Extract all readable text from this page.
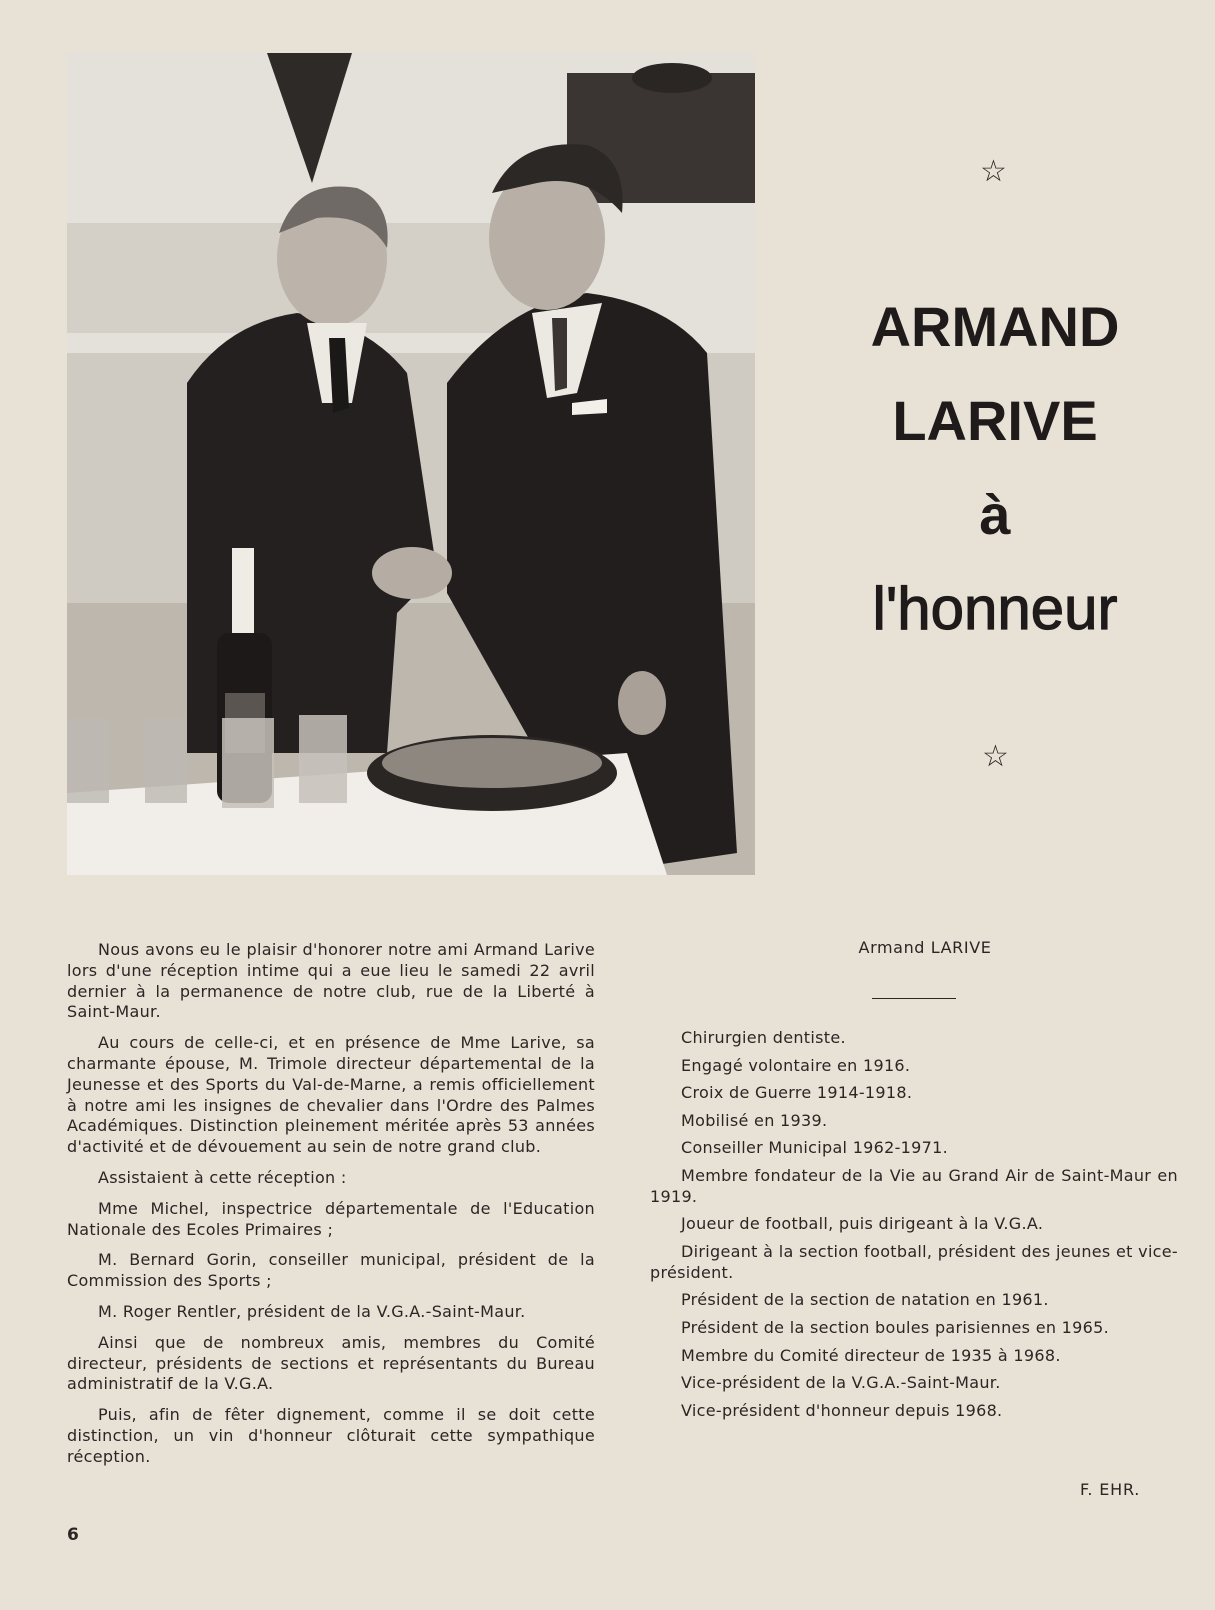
☆
ARMAND
LARIVE
à
l'honneur
☆

Nous avons eu le plaisir d'honorer notre ami Armand Larive lors d'une réception intime qui a eue lieu le samedi 22 avril dernier à la permanence de notre club, rue de la Liberté à Saint-Maur.

Au cours de celle-ci, et en présence de Mme Larive, sa charmante épouse, M. Trimole directeur départemental de la Jeunesse et des Sports du Val-de-Marne, a remis officiellement à notre ami les insignes de chevalier dans l'Ordre des Palmes Académiques. Distinction pleinement méritée après 53 années d'activité et de dévouement au sein de notre grand club.

Assistaient à cette réception :

Mme Michel, inspectrice départementale de l'Education Nationale des Ecoles Primaires ;

M. Bernard Gorin, conseiller municipal, président de la Commission des Sports ;

M. Roger Rentler, président de la V.G.A.-Saint-Maur.

Ainsi que de nombreux amis, membres du Comité directeur, présidents de sections et représentants du Bureau administratif de la V.G.A.

Puis, afin de fêter dignement, comme il se doit cette distinction, un vin d'honneur clôturait cette sympathique réception.

Armand LARIVE

Chirurgien dentiste.

Engagé volontaire en 1916.

Croix de Guerre 1914-1918.

Mobilisé en 1939.

Conseiller Municipal 1962-1971.

Membre fondateur de la Vie au Grand Air de Saint-Maur en 1919.

Joueur de football, puis dirigeant à la V.G.A.

Dirigeant à la section football, président des jeunes et vice-président.

Président de la section de natation en 1961.

Président de la section boules parisiennes en 1965.

Membre du Comité directeur de 1935 à 1968.

Vice-président de la V.G.A.-Saint-Maur.

Vice-président d'honneur depuis 1968.

F. EHR.
6
